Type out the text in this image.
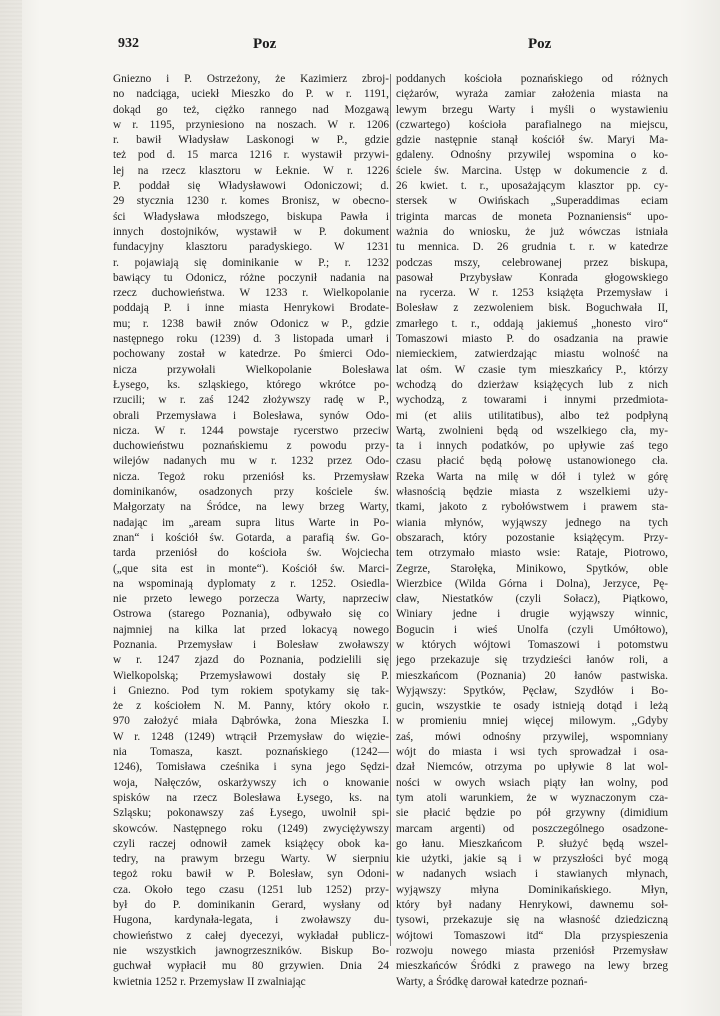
932	Poz	Poz
Gniezno i P. Ostrzeżony, że Kazimierz zbroj-
no nadciąga, uciekł Mieszko do P. w r. 1191,
dokąd go też, ciężko rannego nad Mozgawą
w r. 1195, przyniesiono na noszach. W r. 1206
r. bawił Władysław Laskonogi w P., gdzie
też pod d. 15 marca 1216 r. wystawił przywi-
lej na rzecz klasztoru w Łeknie. W r. 1226
P. poddał się Władysławowi Odoniczowi; d.
29 stycznia 1230 r. komes Bronisz, w obecno-
ści Władysława młodszego, biskupa Pawła i
innych dostojników, wystawił w P. dokument
fundacyjny klasztoru paradyskiego. W 1231
r. pojawiają się dominikanie w P.; r. 1232
bawiący tu Odonicz, różne poczynił nadania na
rzecz duchowieństwa. W 1233 r. Wielkopolanie
poddają P. i inne miasta Henrykowi Brodate-
mu; r. 1238 bawił znów Odonicz w P., gdzie
następnego roku (1239) d. 3 listopada umarł i
pochowany został w katedrze. Po śmierci Odo-
nicza przywołali Wielkopolanie Bolesława
Łysego, ks. szląskiego, którego wkrótce po-
rzucili; w r. zaś 1242 złożywszy radę w P.,
obrali Przemysława i Bolesława, synów Odo-
nicza. W r. 1244 powstaje rycerstwo przeciw
duchowieństwu poznańskiemu z powodu przy-
wilejów nadanych mu w r. 1232 przez Odo-
nicza. Tegoż roku przeniósł ks. Przemysław
dominikanów, osadzonych przy kościele św.
Małgorzaty na Śródce, na lewy brzeg Warty,
nadając im „aream supra litus Warte in Po-
znan“ i kościół św. Gotarda, a parafią św. Go-
tarda przeniósł do kościoła św. Wojciecha
(„que sita est in monte“). Kościół św. Marci-
na wspominają dyplomaty z r. 1252. Osiedla-
nie przeto lewego porzecza Warty, naprzeciw
Ostrowa (starego Poznania), odbywało się co
najmniej na kilka lat przed lokacyą nowego
Poznania. Przemysław i Bolesław zwoławszy
w r. 1247 zjazd do Poznania, podzielili się
Wielkopolską; Przemysławowi dostały się P.
i Gniezno. Pod tym rokiem spotykamy się tak-
że z kościołem N. M. Panny, który około r.
970 założyć miała Dąbrówka, żona Mieszka I.
W r. 1248 (1249) wtrącił Przemysław do więzie-
nia Tomasza, kaszt. poznańskiego (1242—
1246), Tomisława cześnika i syna jego Sędzi-
woja, Nałęczów, oskarżywszy ich o knowanie
spisków na rzecz Bolesława Łysego, ks. na
Szląsku; pokonawszy zaś Łysego, uwolnił spi-
skowców. Następnego roku (1249) zwyciężywszy
czyli raczej odnowił zamek książęcy obok ka-
tedry, na prawym brzegu Warty. W sierpniu
tegoż roku bawił w P. Bolesław, syn Odoni-
cza. Około tego czasu (1251 lub 1252) przy-
był do P. dominikanin Gerard, wysłany od
Hugona, kardynała-legata, i zwoławszy du-
chowieństwo z całej dyecezyi, wykładał publicz-
nie wszystkich jawnogrzeszników. Biskup Bo-
guchwał wypłacił mu 80 grzywien. Dnia 24
kwietnia 1252 r. Przemysław II zwalniając
poddanych kościoła poznańskiego od różnych
ciężarów, wyraża zamiar założenia miasta na
lewym brzegu Warty i myśli o wystawieniu
(czwartego) kościoła parafialnego na miejscu,
gdzie następnie stanął kościół św. Maryi Ma-
gdaleny. Odnośny przywilej wspomina o ko-
ściele św. Marcina. Ustęp w dokumencie z d.
26 kwiet. t. r., uposażającym klasztor pp. cy-
stersek w Owińskach „Superaddimas eciam
triginta marcas de moneta Poznaniensis“ upo-
ważnia do wniosku, że już wówczas istniała
tu mennica. D. 26 grudnia t. r. w katedrze
podczas mszy, celebrowanej przez biskupa,
pasował Przybysław Konrada głogowskiego
na rycerza. W r. 1253 książęta Przemysław i
Bolesław z zezwoleniem bisk. Boguchwała II,
zmarłego t. r., oddają jakiemuś „honesto viro“
Tomaszowi miasto P. do osadzania na prawie
niemieckiem, zatwierdzając miastu wolność na
lat ośm. W czasie tym mieszkańcy P., którzy
wchodzą do dzierżaw książęcych lub z nich
wychodzą, z towarami i innymi przedmiota-
mi (et aliis utilitatibus), albo też podpłyną
Wartą, zwolnieni będą od wszelkiego cła, my-
ta i innych podatków, po upływie zaś tego
czasu płacić będą połowę ustanowionego cła.
Rzeka Warta na milę w dół i tyleż w górę
własnością będzie miasta z wszelkiemi uży-
tkami, jakoto z rybołówstwem i prawem sta-
wiania młynów, wyjąwszy jednego na tych
obszarach, który pozostanie książęcym. Przy-
tem otrzymało miasto wsie: Rataje, Piotrowo,
Zegrze, Starołęka, Minikowo, Spytków, oble
Wierzbice (Wilda Górna i Dolna), Jerzyce, Pę-
cław, Niestatków (czyli Sołacz), Piątkowo,
Winiary jedne i drugie wyjąwszy winnic,
Bogucin i wieś Unolfa (czyli Umółtowo),
w których wójtowi Tomaszowi i potomstwu
jego przekazuje się trzydzieści łanów roli, a
mieszkańcom (Poznania) 20 łanów pastwiska.
Wyjąwszy: Spytków, Pęcław, Szydłów i Bo-
gucin, wszystkie te osady istnieją dotąd i leżą
w promieniu mniej więcej milowym. ,,Gdyby
zaś, mówi odnośny przywilej, wspomniany
wójt do miasta i wsi tych sprowadzał i osa-
dzał Niemców, otrzyma po upływie 8 lat wol-
ności w owych wsiach piąty łan wolny, pod
tym atoli warunkiem, że w wyznaczonym cza-
sie płacić będzie po pół grzywny (dimidium
marcam argenti) od poszczególnego osadzone-
go łanu. Mieszkańcom P. służyć będą wszel-
kie użytki, jakie są i w przyszłości być mogą
w nadanych wsiach i stawianych młynach,
wyjąwszy młyna Dominikańskiego. Młyn,
który był nadany Henrykowi, dawnemu soł-
tysowi, przekazuje się na własność dziedziczną
wójtowi Tomaszowi itd“ Dla przyspieszenia
rozwoju nowego miasta przeniósł Przemysław
mieszkańców Śródki z prawego na lewy brzeg
Warty, a Śródkę darował katedrze poznań-
